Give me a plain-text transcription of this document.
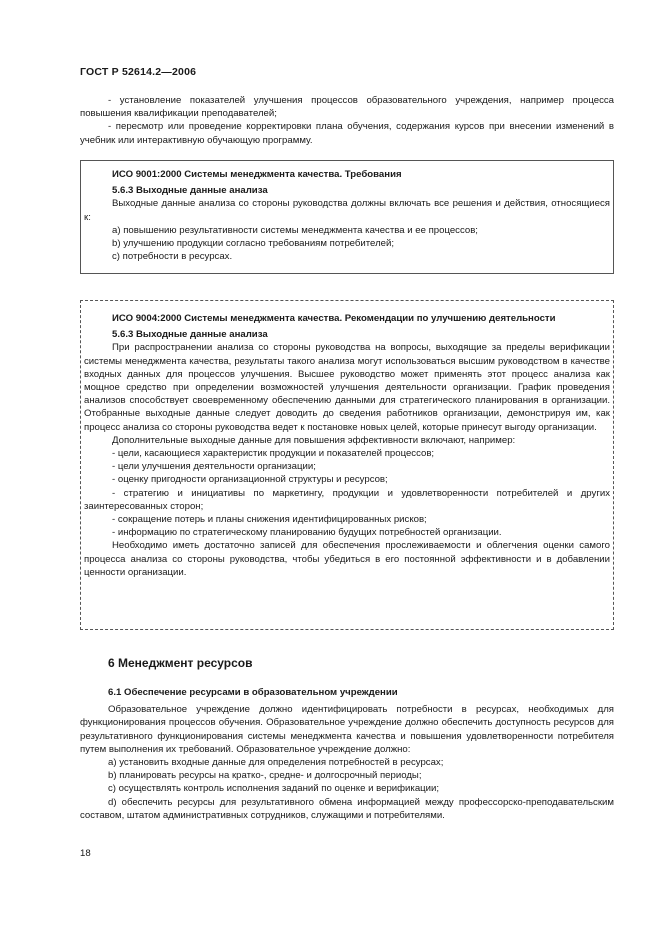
ГОСТ Р 52614.2—2006

- установление показателей улучшения процессов образовательного учреждения, например процесса повышения квалификации преподавателей;

- пересмотр или проведение корректировки плана обучения, содержания курсов при внесении изменений в учебник или интерактивную обучающую программу.

ИСО 9001:2000 Системы менеджмента качества. Требования

5.6.3 Выходные данные анализа

Выходные данные анализа со стороны руководства должны включать все решения и действия, относящиеся к:

а) повышению результативности системы менеджмента качества и ее процессов;

b) улучшению продукции согласно требованиям потребителей;

c) потребности в ресурсах.

ИСО 9004:2000 Системы менеджмента качества. Рекомендации по улучшению деятельности

5.6.3 Выходные данные анализа

При распространении анализа со стороны руководства на вопросы, выходящие за пределы верификации системы менеджмента качества, результаты такого анализа могут использоваться высшим руководством в качестве входных данных для процессов улучшения. Высшее руководство может применять этот процесс анализа как мощное средство при определении возможностей улучшения деятельности организации. График проведения анализов способствует своевременному обеспечению данными для стратегического планирования в организации. Отобранные выходные данные следует доводить до сведения работников организации, демонстрируя им, как процесс анализа со стороны руководства ведет к постановке новых целей, которые принесут выгоду организации.

Дополнительные выходные данные для повышения эффективности включают, например:

- цели, касающиеся характеристик продукции и показателей процессов;

- цели улучшения деятельности организации;

- оценку пригодности организационной структуры и ресурсов;

- стратегию и инициативы по маркетингу, продукции и удовлетворенности потребителей и других заинтересованных сторон;

- сокращение потерь и планы снижения идентифицированных рисков;

- информацию по стратегическому планированию будущих потребностей организации.

Необходимо иметь достаточно записей для обеспечения прослеживаемости и облегчения оценки самого процесса анализа со стороны руководства, чтобы убедиться в его постоянной эффективности и в добавлении ценности организации.

6 Менеджмент ресурсов

6.1 Обеспечение ресурсами в образовательном учреждении

Образовательное учреждение должно идентифицировать потребности в ресурсах, необходимых для функционирования процессов обучения. Образовательное учреждение должно обеспечить доступность ресурсов для результативного функционирования системы менеджмента качества и повышения удовлетворенности потребителя путем выполнения их требований. Образовательное учреждение должно:

а) установить входные данные для определения потребностей в ресурсах;

b) планировать ресурсы на кратко-, средне- и долгосрочный периоды;

c) осуществлять контроль исполнения заданий по оценке и верификации;

d) обеспечить ресурсы для результативного обмена информацией между профессорско-преподавательским составом, штатом административных сотрудников, служащими и потребителями.

18
